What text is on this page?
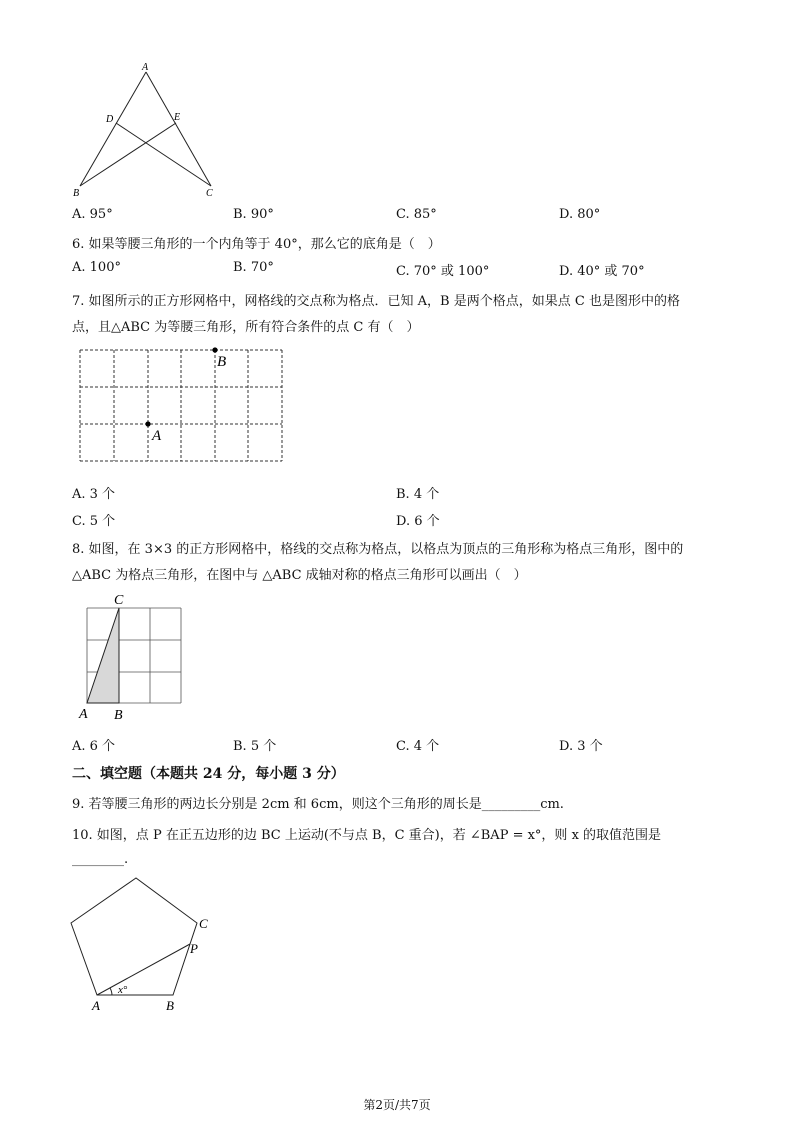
A
D	E
B	C
A. 95°	B. 90°	C. 85°	D. 80°
6. 如果等腰三角形的一个内角等于 40°，那么它的底角是（　）
A. 100°	B. 70°	C. 70° 或 100°	D. 40° 或 70°
7. 如图所示的正方形网格中，网格线的交点称为格点．已知 A，B 是两个格点，如果点 C 也是图形中的格
点，且△ABC 为等腰三角形，所有符合条件的点 C 有（　）
B
A
A. 3 个	B. 4 个
C. 5 个	D. 6 个
8. 如图，在 3×3 的正方形网格中，格线的交点称为格点，以格点为顶点的三角形称为格点三角形，图中的
△ABC 为格点三角形，在图中与 △ABC 成轴对称的格点三角形可以画出（　）
C
A B
A. 6 个	B. 5 个	C. 4 个	D. 3 个
二、填空题（本题共 24 分，每小题 3 分）
9. 若等腰三角形的两边长分别是 2cm 和 6cm，则这个三角形的周长是_________cm.
10. 如图，点 P 在正五边形的边 BC 上运动(不与点 B，C 重合)，若 ∠BAP = x°，则 x 的取值范围是
________.
x°
C
P
A	B
第2页/共7页
